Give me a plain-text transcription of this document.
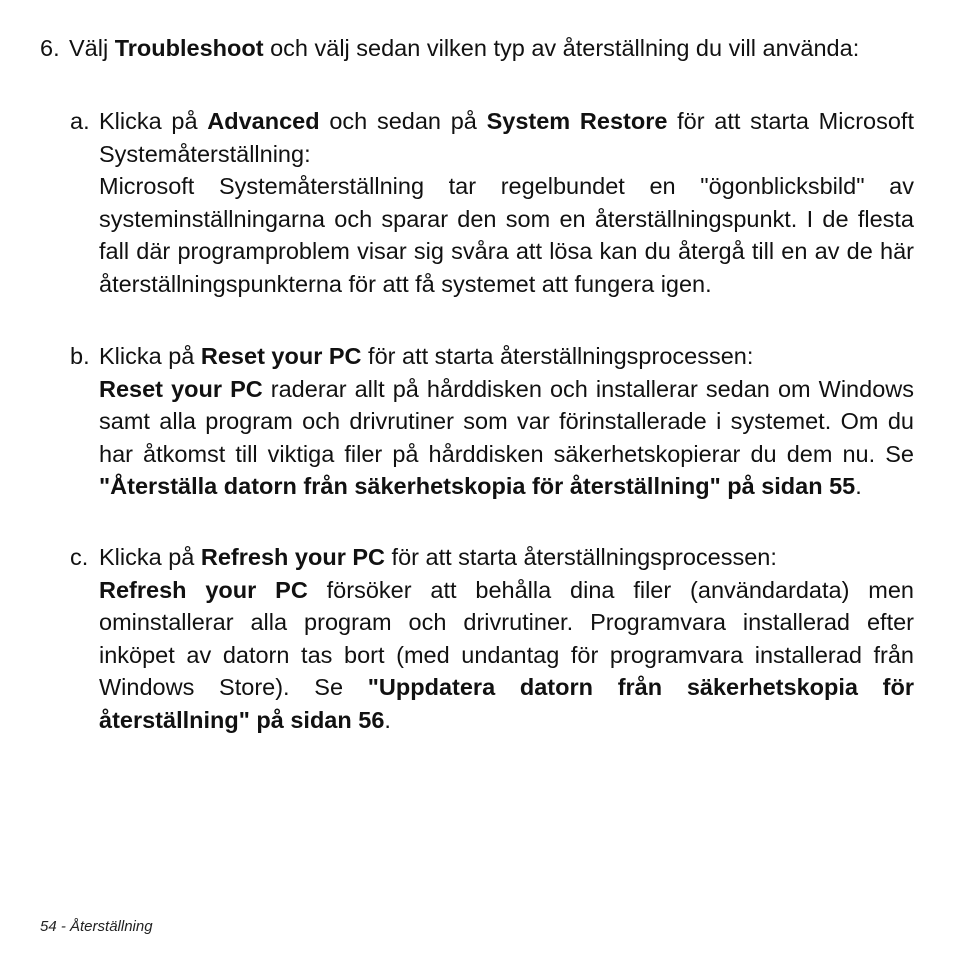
6. Välj Troubleshoot och välj sedan vilken typ av återställning du vill använda:
a. Klicka på Advanced och sedan på System Restore för att starta Microsoft Systemåterställning:

Microsoft Systemåterställning tar regelbundet en "ögonblicksbild" av systeminställningarna och sparar den som en återställningspunkt. I de flesta fall där programproblem visar sig svåra att lösa kan du återgå till en av de här återställningspunkterna för att få systemet att fungera igen.

b. Klicka på Reset your PC för att starta återställningsprocessen:

Reset your PC raderar allt på hårddisken och installerar sedan om Windows samt alla program och drivrutiner som var förinstallerade i systemet. Om du har åtkomst till viktiga filer på hårddisken säkerhetskopierar du dem nu. Se "Återställa datorn från säkerhetskopia för återställning" på sidan 55.

c. Klicka på Refresh your PC för att starta återställningsprocessen:

Refresh your PC försöker att behålla dina filer (användardata) men ominstallerar alla program och drivrutiner. Programvara installerad efter inköpet av datorn tas bort (med undantag för programvara installerad från Windows Store). Se "Uppdatera datorn från säkerhetskopia för återställning" på sidan 56.

54 - Återställning
